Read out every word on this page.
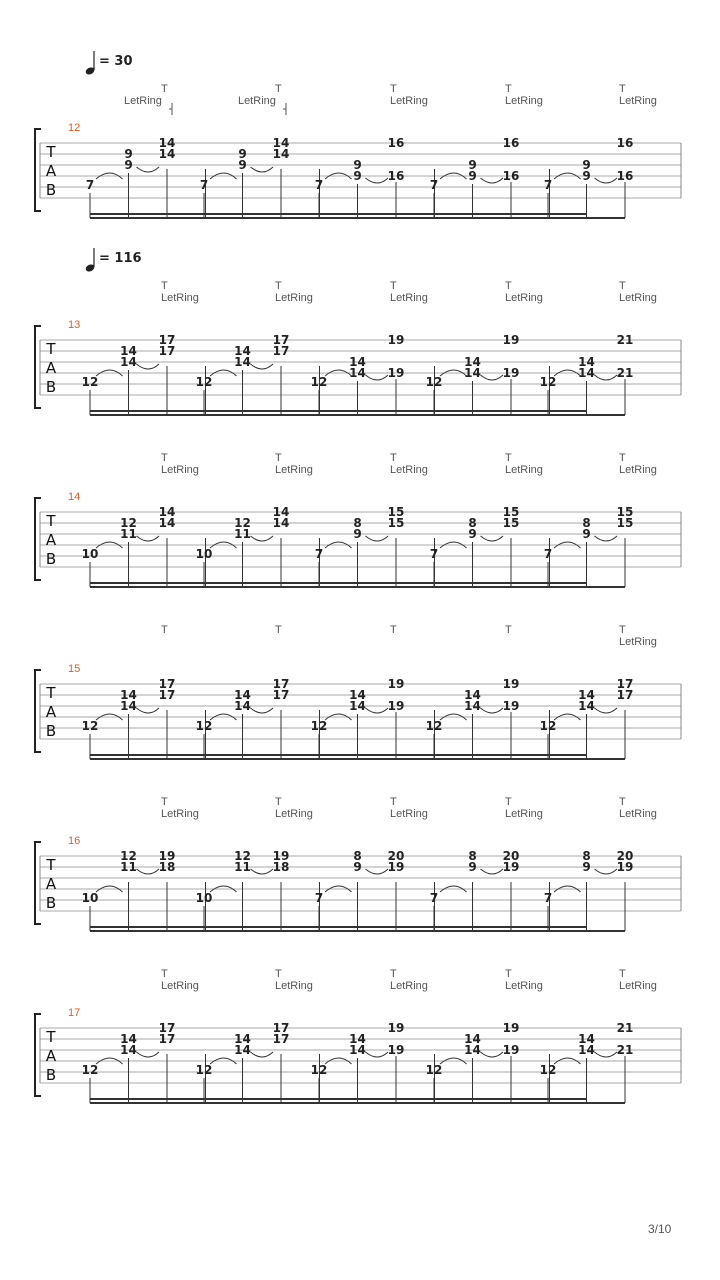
T
A
B
12
= 30
T
LetRing
T
LetRing
T
LetRing
T
LetRing
T
LetRing
7
9
9
14
14
7
9
9
14
14
7
9
9
16
16
7
9
9
16
16
7
9
9
16
16
T
A
B
13
= 116
T
LetRing
T
LetRing
T
LetRing
T
LetRing
T
LetRing
12
14
14
17
17
12
14
14
17
17
12
14
14
19
19
12
14
14
19
19
12
14
14
21
21
T
A
B
14
T
LetRing
T
LetRing
T
LetRing
T
LetRing
T
LetRing
10
12
11
14
14
10
12
11
14
14
7
8
9
15
15
7
8
9
15
15
7
8
9
15
15
T
A
B
15
T	T	T	T	T
LetRing
12
14
14
17
17
12
14
14
17
17
12
14
14
19
19
12
14
14
19
19
12
14
14
17
17
T
A
B
16
T
LetRing
T
LetRing
T
LetRing
T
LetRing
T
LetRing
10
12
11
19
18
10
12
11
19
18
7
8
9
20
19
7
8
9
20
19
7
8
9
20
19
T
A
B
17
T
LetRing
T
LetRing
T
LetRing
T
LetRing
T
LetRing
12
14
14
17
17
12
14
14
17
17
12
14
14
19
19
12
14
14
19
19
12
14
14
21
21
3/10
